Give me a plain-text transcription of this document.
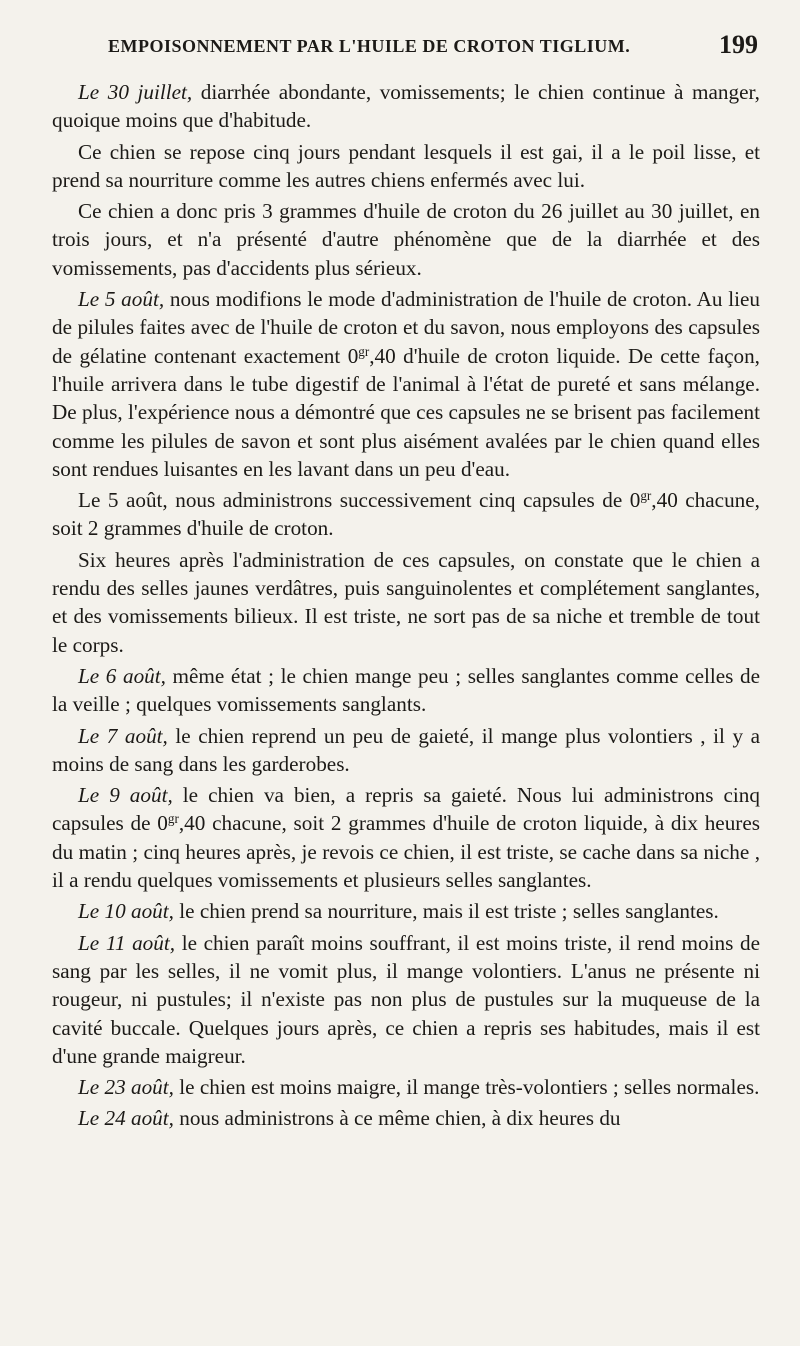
EMPOISONNEMENT PAR L'HUILE DE CROTON TIGLIUM.	199

Le 30 juillet, diarrhée abondante, vomissements; le chien continue à manger, quoique moins que d'habitude.

Ce chien se repose cinq jours pendant lesquels il est gai, il a le poil lisse, et prend sa nourriture comme les autres chiens enfermés avec lui.

Ce chien a donc pris 3 grammes d'huile de croton du 26 juillet au 30 juillet, en trois jours, et n'a présenté d'autre phénomène que de la diarrhée et des vomissements, pas d'accidents plus sérieux.

Le 5 août, nous modifions le mode d'administration de l'huile de croton. Au lieu de pilules faites avec de l'huile de croton et du savon, nous employons des capsules de gélatine contenant exactement $0^{gr},40$ d'huile de croton liquide. De cette façon, l'huile arrivera dans le tube digestif de l'animal à l'état de pureté et sans mélange. De plus, l'expérience nous a démontré que ces capsules ne se brisent pas facilement comme les pilules de savon et sont plus aisément avalées par le chien quand elles sont rendues luisantes en les lavant dans un peu d'eau.

Le 5 août, nous administrons successivement cinq capsules de $0^{gr},40$ chacune, soit 2 grammes d'huile de croton.

Six heures après l'administration de ces capsules, on constate que le chien a rendu des selles jaunes verdâtres, puis sanguinolentes et complétement sanglantes, et des vomissements bilieux. Il est triste, ne sort pas de sa niche et tremble de tout le corps.

Le 6 août, même état ; le chien mange peu ; selles sanglantes comme celles de la veille ; quelques vomissements sanglants.

Le 7 août, le chien reprend un peu de gaieté, il mange plus volontiers , il y a moins de sang dans les garderobes.

Le 9 août, le chien va bien, a repris sa gaieté. Nous lui administrons cinq capsules de $0^{gr},40$ chacune, soit 2 grammes d'huile de croton liquide, à dix heures du matin ; cinq heures après, je revois ce chien, il est triste, se cache dans sa niche , il a rendu quelques vomissements et plusieurs selles sanglantes.

Le 10 août, le chien prend sa nourriture, mais il est triste ; selles sanglantes.

Le 11 août, le chien paraît moins souffrant, il est moins triste, il rend moins de sang par les selles, il ne vomit plus, il mange volontiers. L'anus ne présente ni rougeur, ni pustules; il n'existe pas non plus de pustules sur la muqueuse de la cavité buccale. Quelques jours après, ce chien a repris ses habitudes, mais il est d'une grande maigreur.

Le 23 août, le chien est moins maigre, il mange très-volontiers ; selles normales.

Le 24 août, nous administrons à ce même chien, à dix heures du
